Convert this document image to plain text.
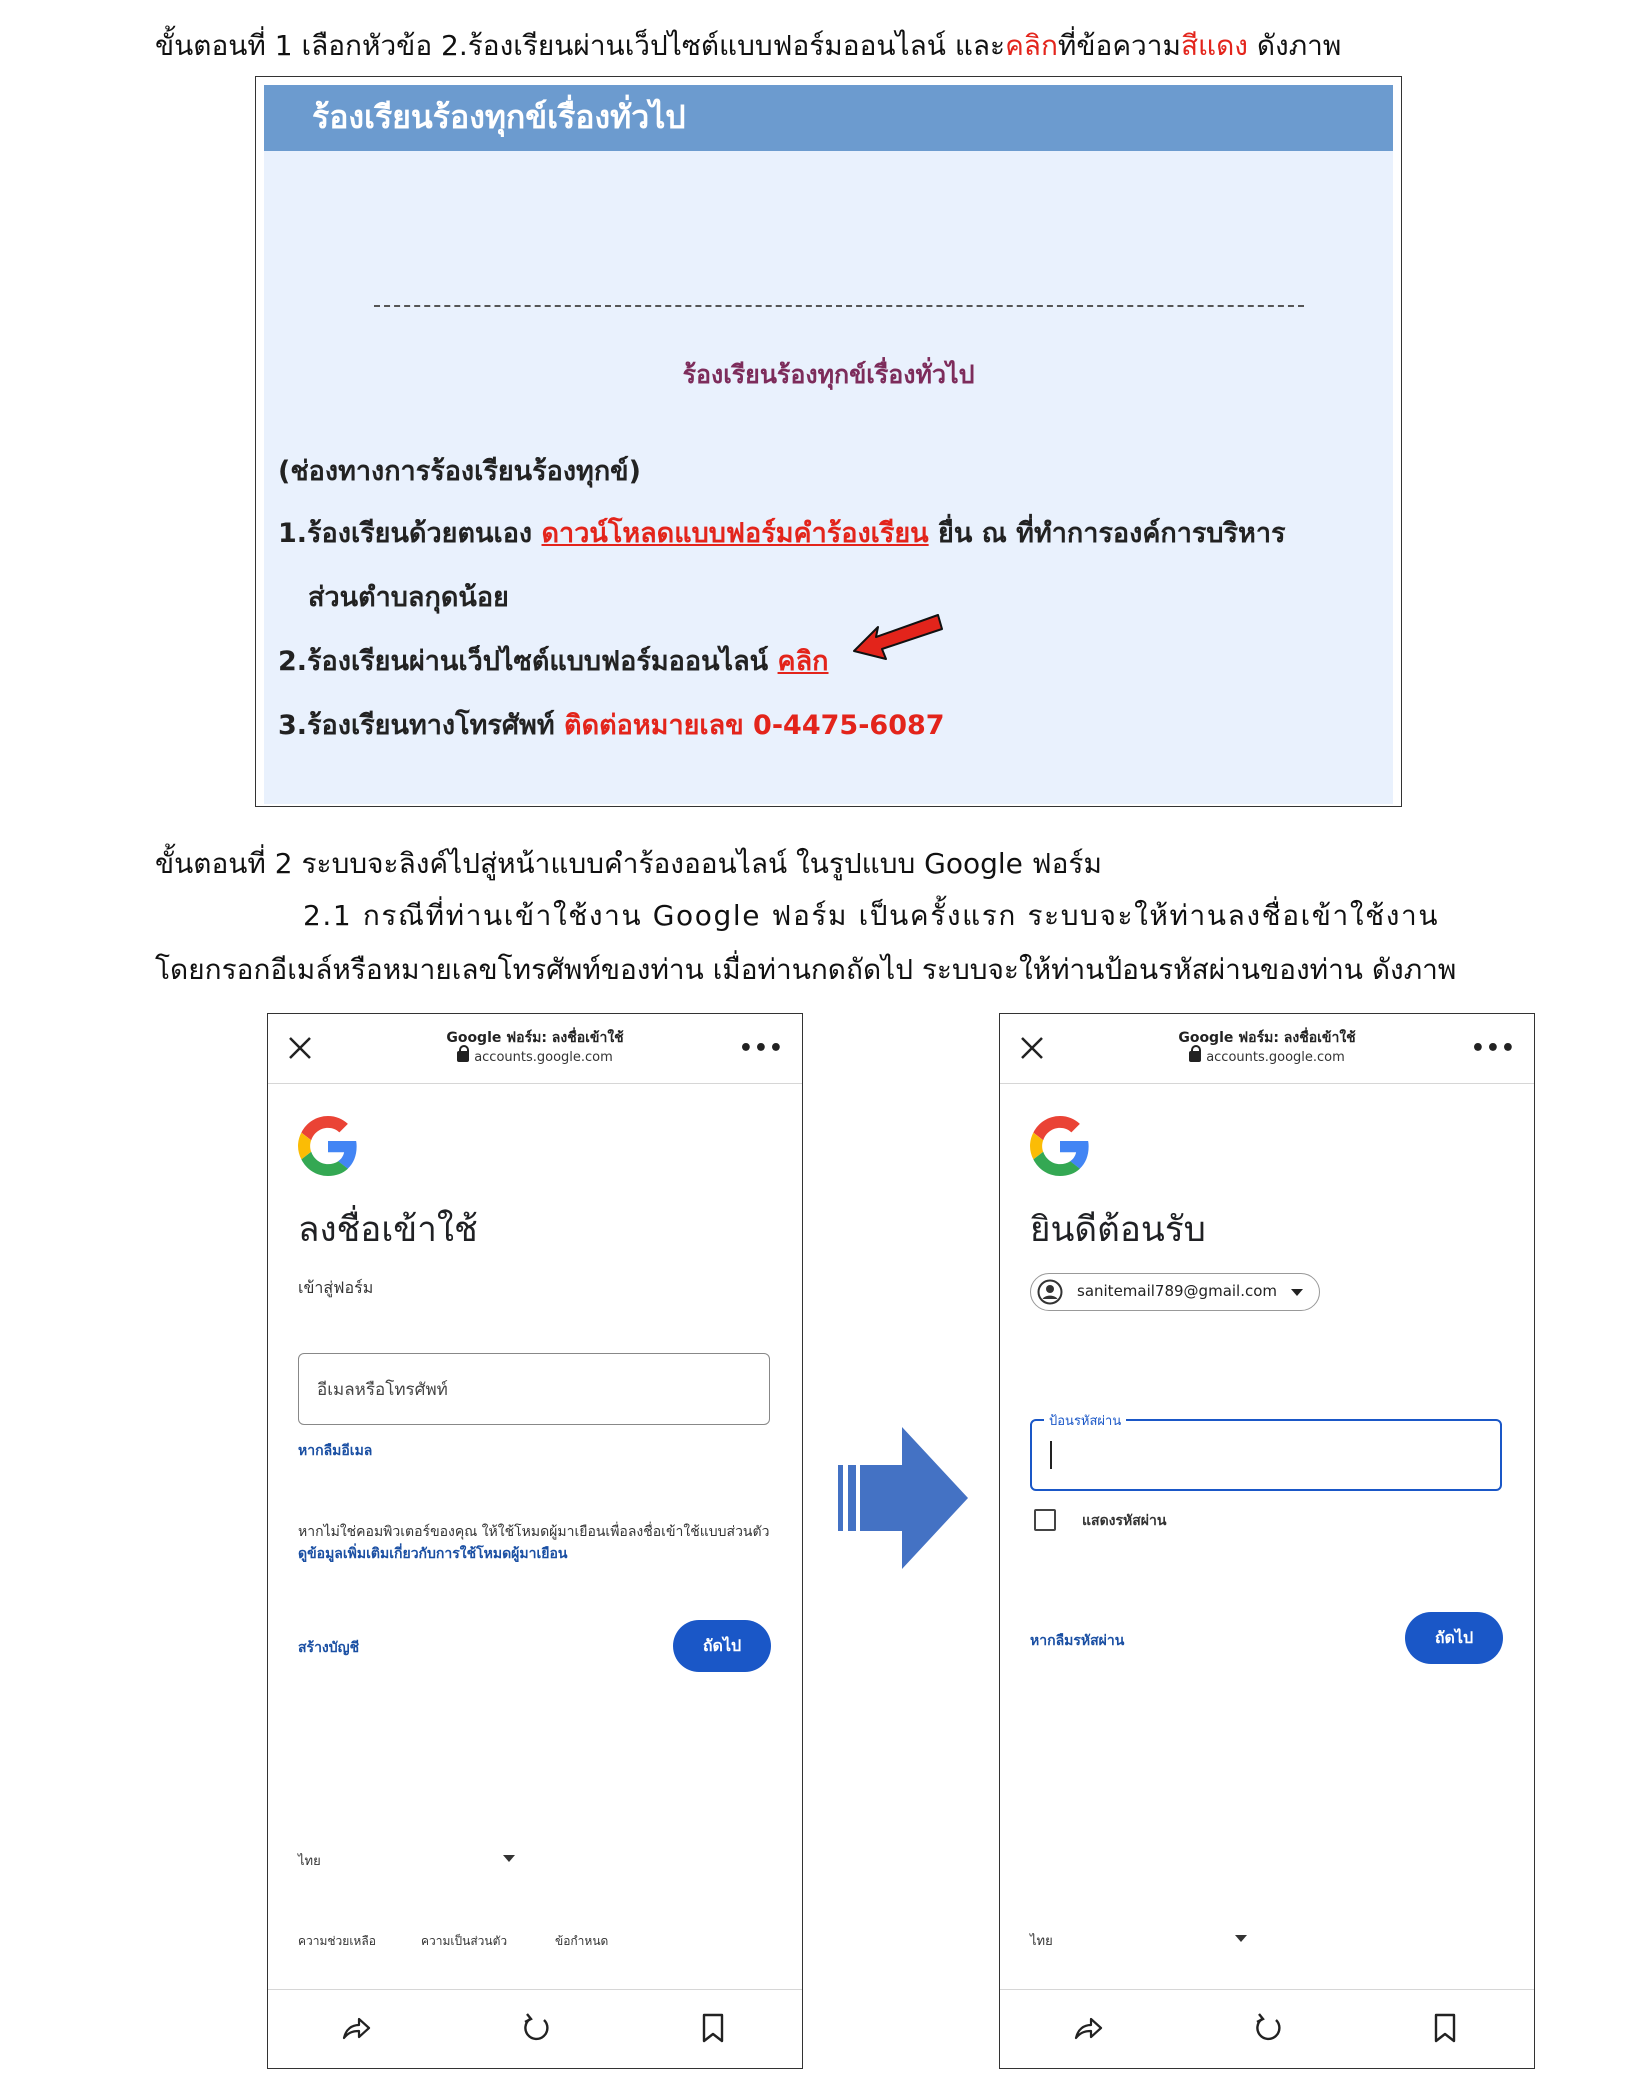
ขั้นตอนที่ 1 เลือกหัวข้อ 2.ร้องเรียนผ่านเว็ปไซต์แบบฟอร์มออนไลน์ และคลิกที่ข้อความสีแดง ดังภาพ
ร้องเรียนร้องทุกข์เรื่องทั่วไป
ร้องเรียนร้องทุกข์เรื่องทั่วไป
(ช่องทางการร้องเรียนร้องทุกข์)
1.ร้องเรียนด้วยตนเอง ดาวน์โหลดแบบฟอร์มคำร้องเรียน ยื่น ณ ที่ทำการองค์การบริหาร
ส่วนตำบลกุดน้อย
2.ร้องเรียนผ่านเว็ปไซต์แบบฟอร์มออนไลน์ คลิก
3.ร้องเรียนทางโทรศัพท์ ติดต่อหมายเลข 0-4475-6087
ขั้นตอนที่ 2 ระบบจะลิงค์ไปสู่หน้าแบบคำร้องออนไลน์ ในรูปแบบ Google ฟอร์ม
2.1 กรณีที่ท่านเข้าใช้งาน Google ฟอร์ม เป็นครั้งแรก ระบบจะให้ท่านลงชื่อเข้าใช้งาน
โดยกรอกอีเมล์หรือหมายเลขโทรศัพท์ของท่าน เมื่อท่านกดถัดไป ระบบจะให้ท่านป้อนรหัสผ่านของท่าน ดังภาพ
Google ฟอร์ม: ลงชื่อเข้าใช้
accounts.google.com	•••
ลงชื่อเข้าใช้
เข้าสู่ฟอร์ม
อีเมลหรือโทรศัพท์
หากลืมอีเมล
หากไม่ใช่คอมพิวเตอร์ของคุณ ให้ใช้โหมดผู้มาเยือนเพื่อลงชื่อเข้าใช้แบบส่วนตัว ดูข้อมูลเพิ่มเติมเกี่ยวกับการใช้โหมดผู้มาเยือน
สร้างบัญชี	ถัดไป
ไทย
ความช่วยเหลือ	ความเป็นส่วนตัว	ข้อกำหนด
Google ฟอร์ม: ลงชื่อเข้าใช้
accounts.google.com	•••
ยินดีต้อนรับ
sanitemail789@gmail.com
ป้อนรหัสผ่าน
แสดงรหัสผ่าน
หากลืมรหัสผ่าน	ถัดไป
ไทย
